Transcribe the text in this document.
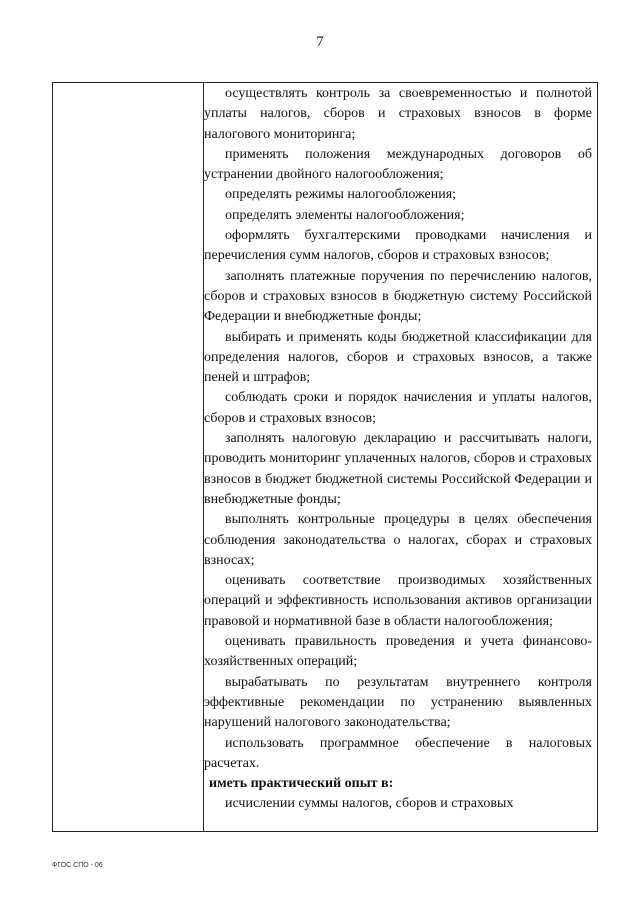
7

осуществлять контроль за своевременностью и полнотой уплаты налогов, сборов и страховых взносов в форме налогового мониторинга;

применять положения международных договоров об устранении двойного налогообложения;

определять режимы налогообложения;

определять элементы налогообложения;

оформлять бухгалтерскими проводками начисления и перечисления сумм налогов, сборов и страховых взносов;

заполнять платежные поручения по перечислению налогов, сборов и страховых взносов в бюджетную систему Российской Федерации и внебюджетные фонды;

выбирать и применять коды бюджетной классификации для определения налогов, сборов и страховых взносов, а также пеней и штрафов;

соблюдать сроки и порядок начисления и уплаты налогов, сборов и страховых взносов;

заполнять налоговую декларацию и рассчитывать налоги, проводить мониторинг уплаченных налогов, сборов и страховых взносов в бюджет бюджетной системы Российской Федерации и внебюджетные фонды;

выполнять контрольные процедуры в целях обеспечения соблюдения законодательства о налогах, сборах и страховых взносах;

оценивать соответствие производимых хозяйственных операций и эффективность использования активов организации правовой и нормативной базе в области налогообложения;

оценивать правильность проведения и учета финансово-хозяйственных операций;

вырабатывать по результатам внутреннего контроля эффективные рекомендации по устранению выявленных нарушений налогового законодательства;

использовать программное обеспечение в налоговых расчетах.

иметь практический опыт в:

исчислении суммы налогов, сборов и страховых

ФГОС СПО - 06
